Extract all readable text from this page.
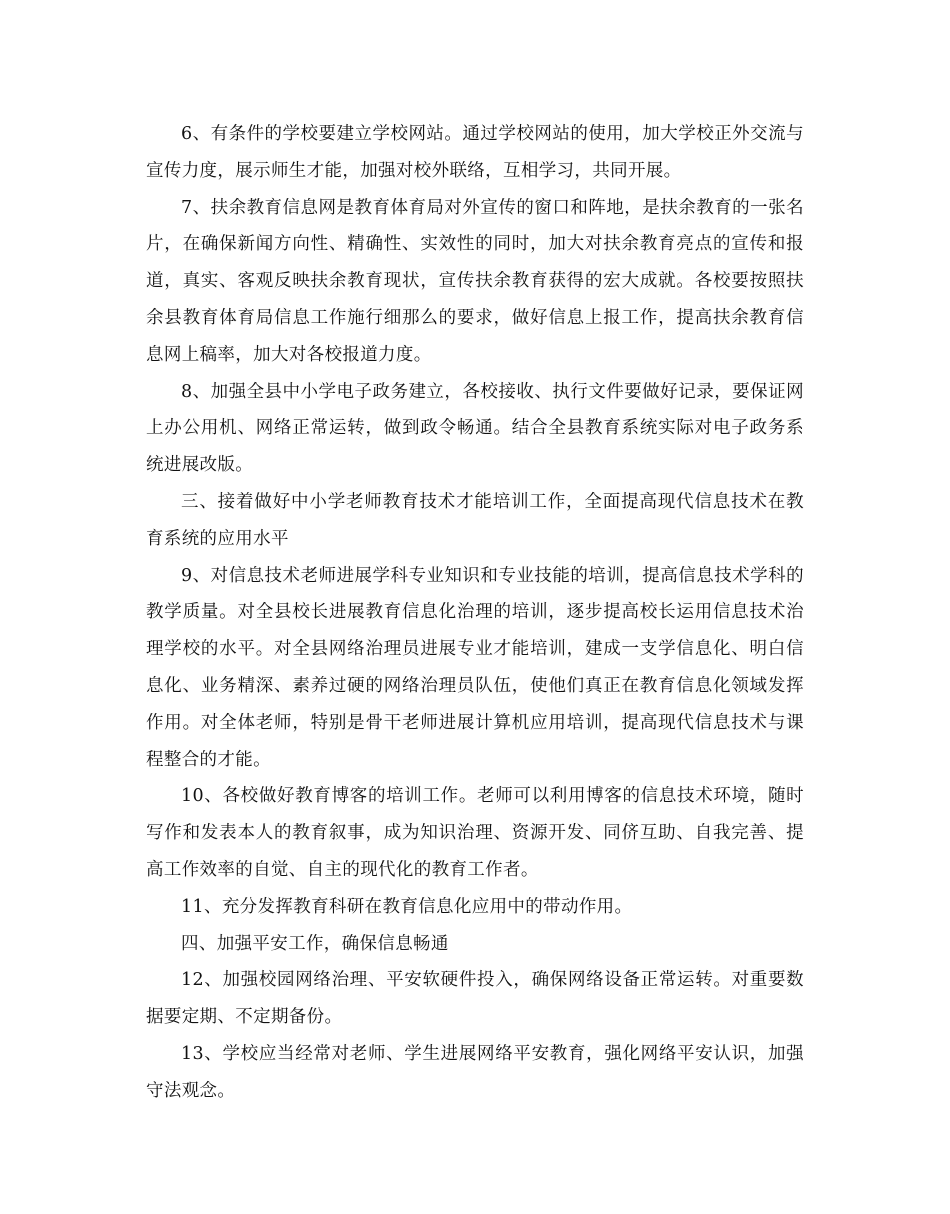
6、有条件的学校要建立学校网站。通过学校网站的使用，加大学校正外交流与宣传力度，展示师生才能，加强对校外联络，互相学习，共同开展。

7、扶余教育信息网是教育体育局对外宣传的窗口和阵地，是扶余教育的一张名片，在确保新闻方向性、精确性、实效性的同时，加大对扶余教育亮点的宣传和报道，真实、客观反映扶余教育现状，宣传扶余教育获得的宏大成就。各校要按照扶余县教育体育局信息工作施行细那么的要求，做好信息上报工作，提高扶余教育信息网上稿率，加大对各校报道力度。

8、加强全县中小学电子政务建立，各校接收、执行文件要做好记录，要保证网上办公用机、网络正常运转，做到政令畅通。结合全县教育系统实际对电子政务系统进展改版。

三、接着做好中小学老师教育技术才能培训工作，全面提高现代信息技术在教育系统的应用水平

9、对信息技术老师进展学科专业知识和专业技能的培训，提高信息技术学科的教学质量。对全县校长进展教育信息化治理的培训，逐步提高校长运用信息技术治理学校的水平。对全县网络治理员进展专业才能培训，建成一支学信息化、明白信息化、业务精深、素养过硬的网络治理员队伍，使他们真正在教育信息化领域发挥作用。对全体老师，特别是骨干老师进展计算机应用培训，提高现代信息技术与课程整合的才能。

10、各校做好教育博客的培训工作。老师可以利用博客的信息技术环境，随时写作和发表本人的教育叙事，成为知识治理、资源开发、同侪互助、自我完善、提高工作效率的自觉、自主的现代化的教育工作者。

11、充分发挥教育科研在教育信息化应用中的带动作用。

四、加强平安工作，确保信息畅通

12、加强校园网络治理、平安软硬件投入，确保网络设备正常运转。对重要数据要定期、不定期备份。

13、学校应当经常对老师、学生进展网络平安教育，强化网络平安认识，加强守法观念。
